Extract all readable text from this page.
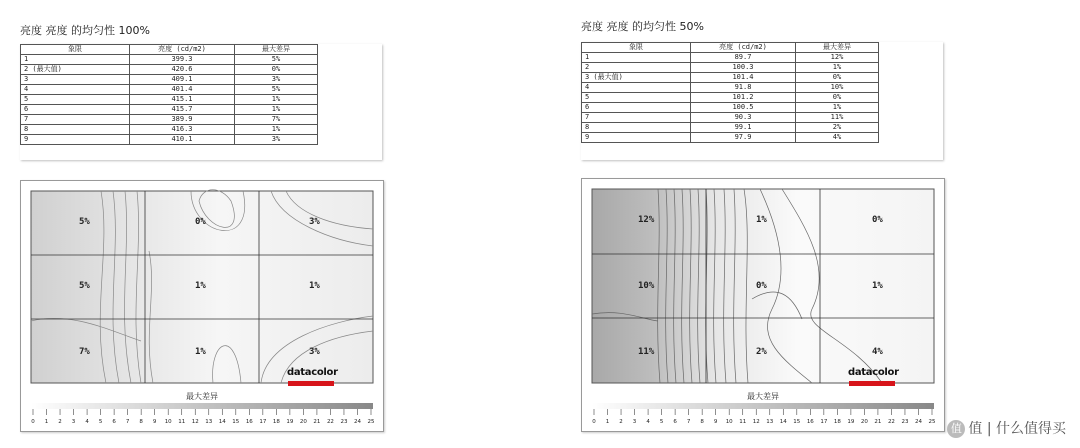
亮度 亮度 的均匀性 100%
象限	亮度 (cd/m2)	最大差异
1	399.3	5%
2 (最大值)	420.6	0%
3	409.1	3%
4	401.4	5%
5	415.1	1%
6	415.7	1%
7	389.9	7%
8	416.3	1%
9	410.1	3%
5%	0%	3%
5%	1%	1%
7%	1%	3%
datacolor
最大差异
0 1 2 3 4 5 6 7 8 9 10 11 12 13 14 15 16 17 18 19 20 21 22 23 24 25
亮度 亮度 的均匀性 50%
象限	亮度 (cd/m2)	最大差异
1	89.7	12%
2	100.3	1%
3 (最大值)	101.4	0%
4	91.8	10%
5	101.2	0%
6	100.5	1%
7	90.3	11%
8	99.1	2%
9	97.9	4%
12%	1%	0%
10%	0%	1%
11%	2%	4%
datacolor
最大差异
0 1 2 3 4 5 6 7 8 9 10 11 12 13 14 15 16 17 18 19 20 21 22 23 24 25	值 值 | 什么值得买
